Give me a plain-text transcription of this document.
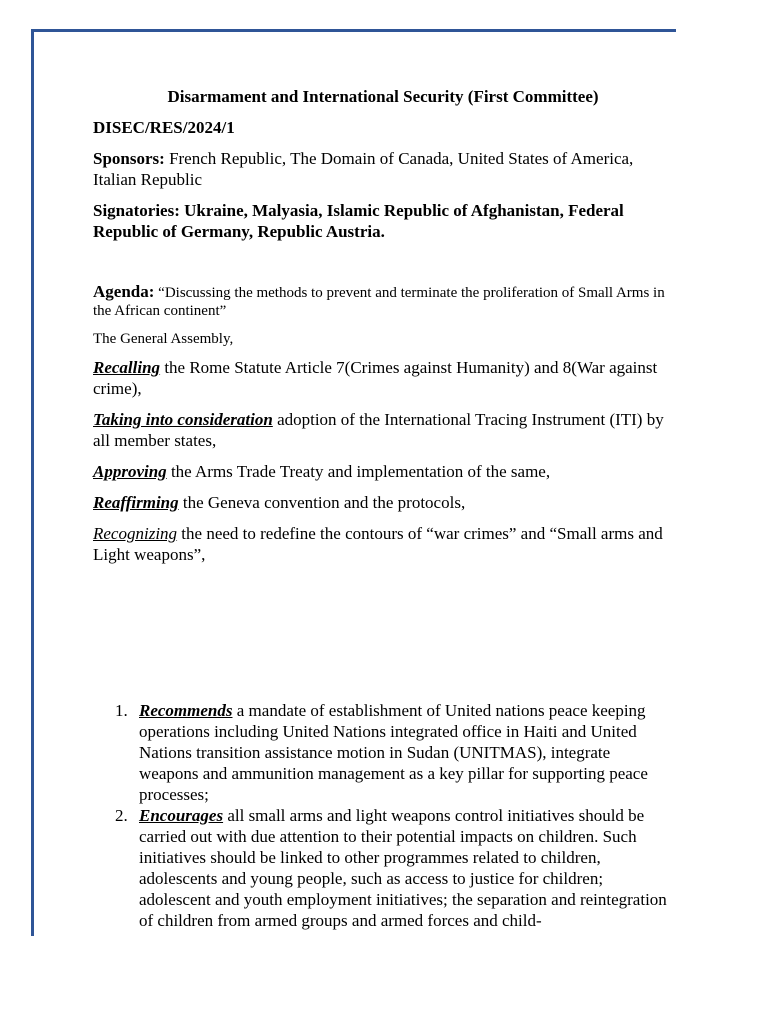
Disarmament and International Security (First Committee)
DISEC/RES/2024/1

Sponsors: French Republic, The Domain of Canada, United States of America, Italian Republic

Signatories: Ukraine, Malyasia, Islamic Republic of Afghanistan, Federal Republic of Germany, Republic Austria.

Agenda: “Discussing the methods to prevent and terminate the proliferation of Small Arms in the African continent”

The General Assembly,

Recalling the Rome Statute Article 7(Crimes against Humanity) and 8(War against crime),

Taking into consideration adoption of the International Tracing Instrument (ITI) by all member states,

Approving the Arms Trade Treaty and implementation of the same,

Reaffirming the Geneva convention and the protocols,

Recognizing the need to redefine the contours of “war crimes” and “Small arms and Light weapons”,

1. Recommends a mandate of establishment of United nations peace keeping operations including United Nations integrated office in Haiti and United Nations transition assistance motion in Sudan (UNITMAS), integrate weapons and ammunition management as a key pillar for supporting peace processes;
2. Encourages all small arms and light weapons control initiatives should be carried out with due attention to their potential impacts on children. Such initiatives should be linked to other programmes related to children, adolescents and young people, such as access to justice for children; adolescent and youth employment initiatives; the separation and reintegration of children from armed groups and armed forces and child-
